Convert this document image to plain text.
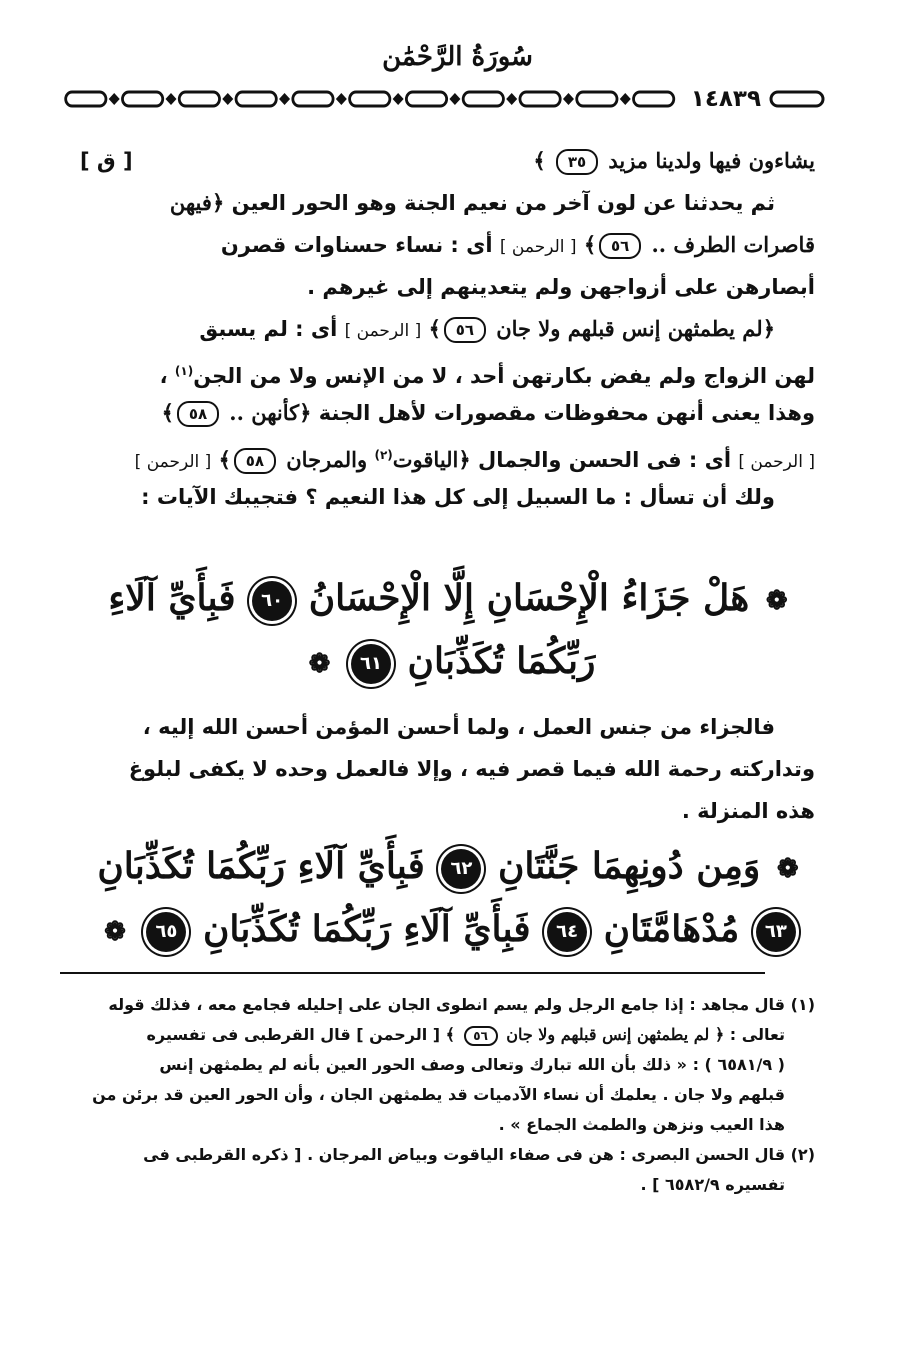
سُورَةُ الرَّحْمَٰن
١٤٨٣٩
يشاءون فيها ولدينا مزيد ٣٥ ﴾
[ ق ]
ثم يحدثنا عن لون آخر من نعيم الجنة وهو الحور العين ﴿فيهن
قاصرات الطرف .. ٥٦﴾ [ الرحمن ] أى : نساء حسناوات قصرن
أبصارهن على أزواجهن ولم يتعدينهم إلى غيرهم .
﴿لم يطمثهن إنس قبلهم ولا جان ٥٦﴾ [ الرحمن ] أى : لم يسبق
لهن الزواج ولم يفض بكارتهن أحد ، لا من الإنس ولا من الجن$^{(١)}$ ،
وهذا يعنى أنهن محفوظات مقصورات لأهل الجنة ﴿كأنهن .. ٥٨﴾
[ الرحمن ] أى : فى الحسن والجمال ﴿الياقوت$^{(٢)}$ والمرجان ٥٨﴾ [ الرحمن ]
ولك أن تسأل : ما السبيل إلى كل هذا النعيم ؟ فتجيبك الآيات :
❁ هَلْ جَزَاءُ الْإِحْسَانِ إِلَّا الْإِحْسَانُ ٦٠ فَبِأَيِّ آلَاءِ
رَبِّكُمَا تُكَذِّبَانِ ٦١ ❁
فالجزاء من جنس العمل ، ولما أحسن المؤمن أحسن الله إليه ،
وتداركته رحمة الله فيما قصر فيه ، وإلا فالعمل وحده لا يكفى لبلوغ
هذه المنزلة .
❁ وَمِن دُونِهِمَا جَنَّتَانِ ٦٢ فَبِأَيِّ آلَاءِ رَبِّكُمَا تُكَذِّبَانِ
٦٣ مُدْهَامَّتَانِ ٦٤ فَبِأَيِّ آلَاءِ رَبِّكُمَا تُكَذِّبَانِ ٦٥ ❁
(١) قال مجاهد : إذا جامع الرجل ولم يسم انطوى الجان على إحليله فجامع معه ، فذلك قوله
تعالى : ﴿ لم يطمثهن إنس قبلهم ولا جان ٥٦ ﴾ [ الرحمن ] قال القرطبى فى تفسيره
( ٦٥٨١/٩ ) : « ذلك بأن الله تبارك وتعالى وصف الحور العين بأنه لم يطمثهن إنس
قبلهم ولا جان . يعلمك أن نساء الآدميات قد يطمثهن الجان ، وأن الحور العين قد برئن من
هذا العيب ونزهن والطمث الجماع » .
(٢) قال الحسن البصرى : هن فى صفاء الياقوت وبياض المرجان . [ ذكره القرطبى فى
تفسيره ٦٥٨٢/٩ ] .
